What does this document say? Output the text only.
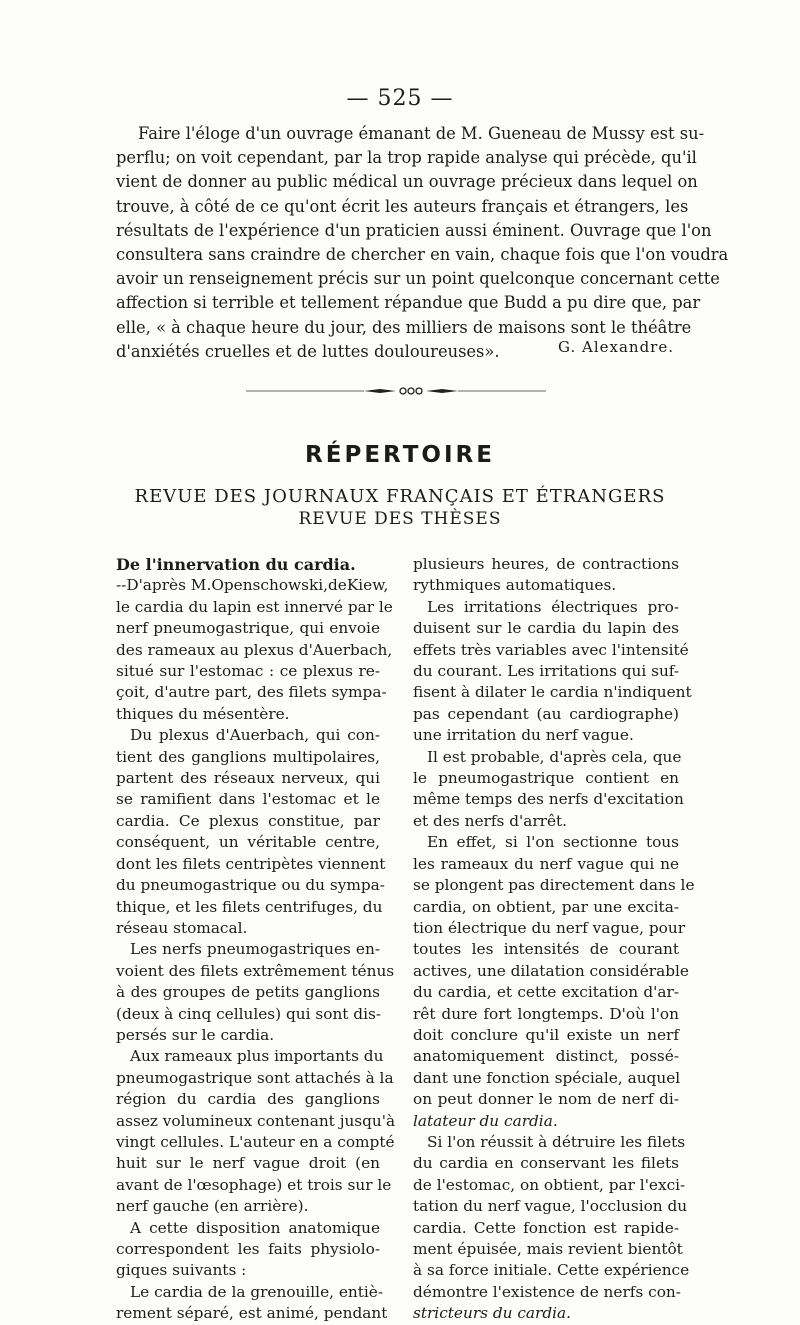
— 525 —
Faire l'éloge d'un ouvrage émanant de M. Gueneau de Mussy est su-
perflu; on voit cependant, par la trop rapide analyse qui précède, qu'il
vient de donner au public médical un ouvrage précieux dans lequel on
trouve, à côté de ce qu'ont écrit les auteurs français et étrangers, les
résultats de l'expérience d'un praticien aussi éminent. Ouvrage que l'on
consultera sans craindre de chercher en vain, chaque fois que l'on voudra
avoir un renseignement précis sur un point quelconque concernant cette
affection si terrible et tellement répandue que Budd a pu dire que, par
elle, « à chaque heure du jour, des milliers de maisons sont le théâtre
d'anxiétés cruelles et de luttes douloureuses».	G. Alexandre.
RÉPERTOIRE
REVUE DES JOURNAUX FRANÇAIS ET ÉTRANGERS
REVUE DES THÈSES
De l'innervation du cardia.
--D'après M.Openschowski,deKiew,
le cardia du lapin est innervé par le
nerf pneumogastrique, qui envoie
des rameaux au plexus d'Auerbach,
situé sur l'estomac : ce plexus re-
çoit, d'autre part, des filets sympa-
thiques du mésentère.
Du plexus d'Auerbach, qui con-
tient des ganglions multipolaires,
partent des réseaux nerveux, qui
se ramifient dans l'estomac et le
cardia. Ce plexus constitue, par
conséquent, un véritable centre,
dont les filets centripètes viennent
du pneumogastrique ou du sympa-
thique, et les filets centrifuges, du
réseau stomacal.
Les nerfs pneumogastriques en-
voient des filets extrêmement ténus
à des groupes de petits ganglions
(deux à cinq cellules) qui sont dis-
persés sur le cardia.
Aux rameaux plus importants du
pneumogastrique sont attachés à la
région du cardia des ganglions
assez volumineux contenant jusqu'à
vingt cellules. L'auteur en a compté
huit sur le nerf vague droit (en
avant de l'œsophage) et trois sur le
nerf gauche (en arrière).
A cette disposition anatomique
correspondent les faits physiolo-
giques suivants :
Le cardia de la grenouille, entiè-
rement séparé, est animé, pendant
plusieurs heures, de contractions
rythmiques automatiques.
Les irritations électriques pro-
duisent sur le cardia du lapin des
effets très variables avec l'intensité
du courant. Les irritations qui suf-
fisent à dilater le cardia n'indiquent
pas cependant (au cardiographe)
une irritation du nerf vague.
Il est probable, d'après cela, que
le pneumogastrique contient en
même temps des nerfs d'excitation
et des nerfs d'arrêt.
En effet, si l'on sectionne tous
les rameaux du nerf vague qui ne
se plongent pas directement dans le
cardia, on obtient, par une excita-
tion électrique du nerf vague, pour
toutes les intensités de courant
actives, une dilatation considérable
du cardia, et cette excitation d'ar-
rêt dure fort longtemps. D'où l'on
doit conclure qu'il existe un nerf
anatomiquement distinct, possé-
dant une fonction spéciale, auquel
on peut donner le nom de nerf di-
latateur du cardia.
Si l'on réussit à détruire les filets
du cardia en conservant les filets
de l'estomac, on obtient, par l'exci-
tation du nerf vague, l'occlusion du
cardia. Cette fonction est rapide-
ment épuisée, mais revient bientôt
à sa force initiale. Cette expérience
démontre l'existence de nerfs con-
stricteurs du cardia.
